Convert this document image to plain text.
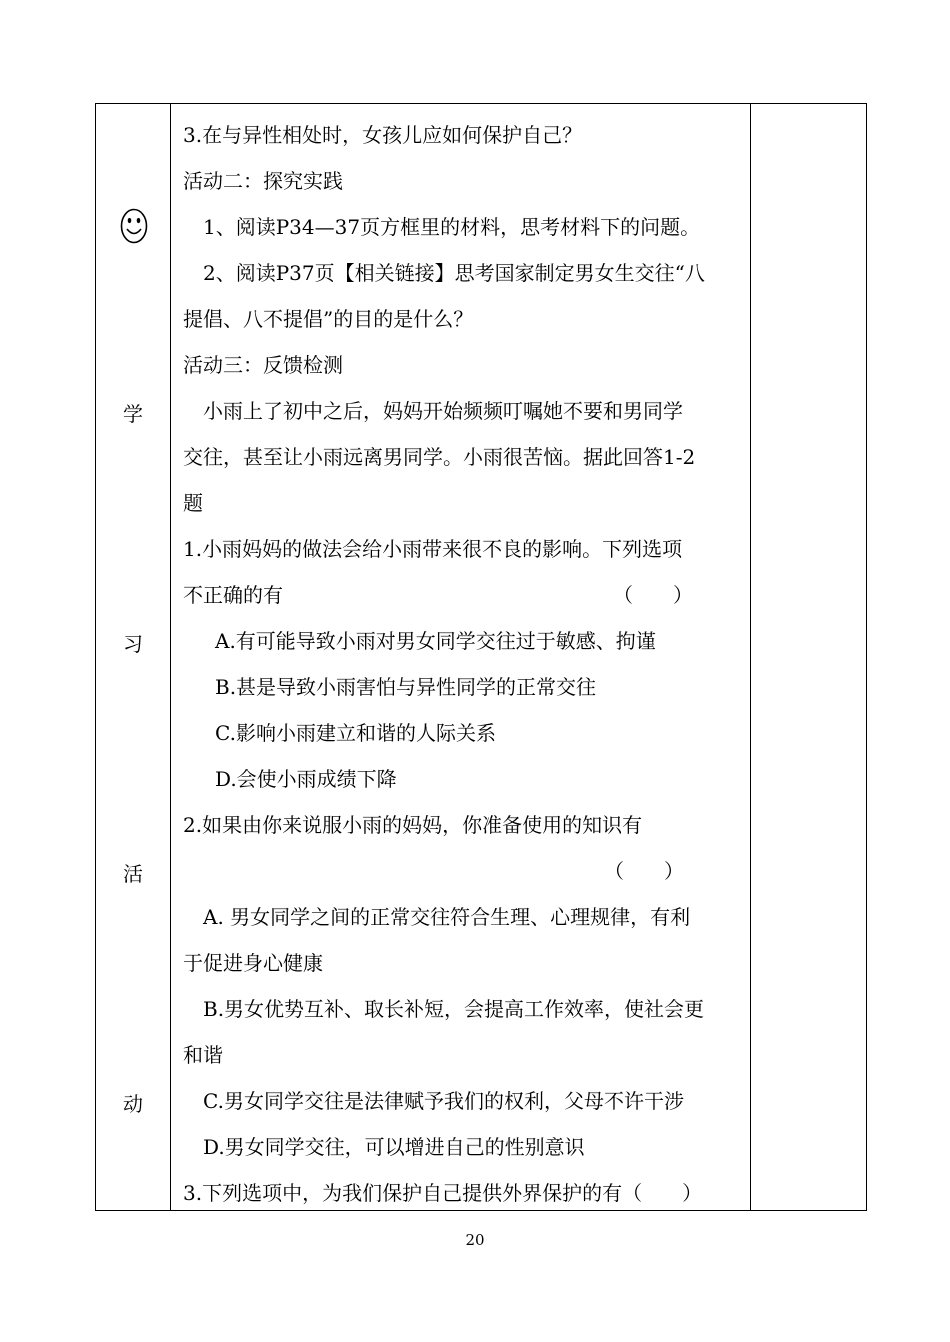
学
习
活
动
3.在与异性相处时，女孩儿应如何保护自己？
活动二：探究实践
1、阅读P34—37页方框里的材料，思考材料下的问题。
2、阅读P37页【相关链接】思考国家制定男女生交往“八
提倡、八不提倡”的目的是什么？
活动三：反馈检测
小雨上了初中之后，妈妈开始频频叮嘱她不要和男同学
交往，甚至让小雨远离男同学。小雨很苦恼。据此回答1-2
题
1.小雨妈妈的做法会给小雨带来很不良的影响。下列选项
不正确的有	（　　）
A.有可能导致小雨对男女同学交往过于敏感、拘谨
B.甚是导致小雨害怕与异性同学的正常交往
C.影响小雨建立和谐的人际关系
D.会使小雨成绩下降
2.如果由你来说服小雨的妈妈，你准备使用的知识有
（　　）
A. 男女同学之间的正常交往符合生理、心理规律，有利
于促进身心健康
B.男女优势互补、取长补短，会提高工作效率，使社会更
和谐
C.男女同学交往是法律赋予我们的权利，父母不许干涉
D.男女同学交往，可以增进自己的性别意识
3.下列选项中，为我们保护自己提供外界保护的有（　　）
20
